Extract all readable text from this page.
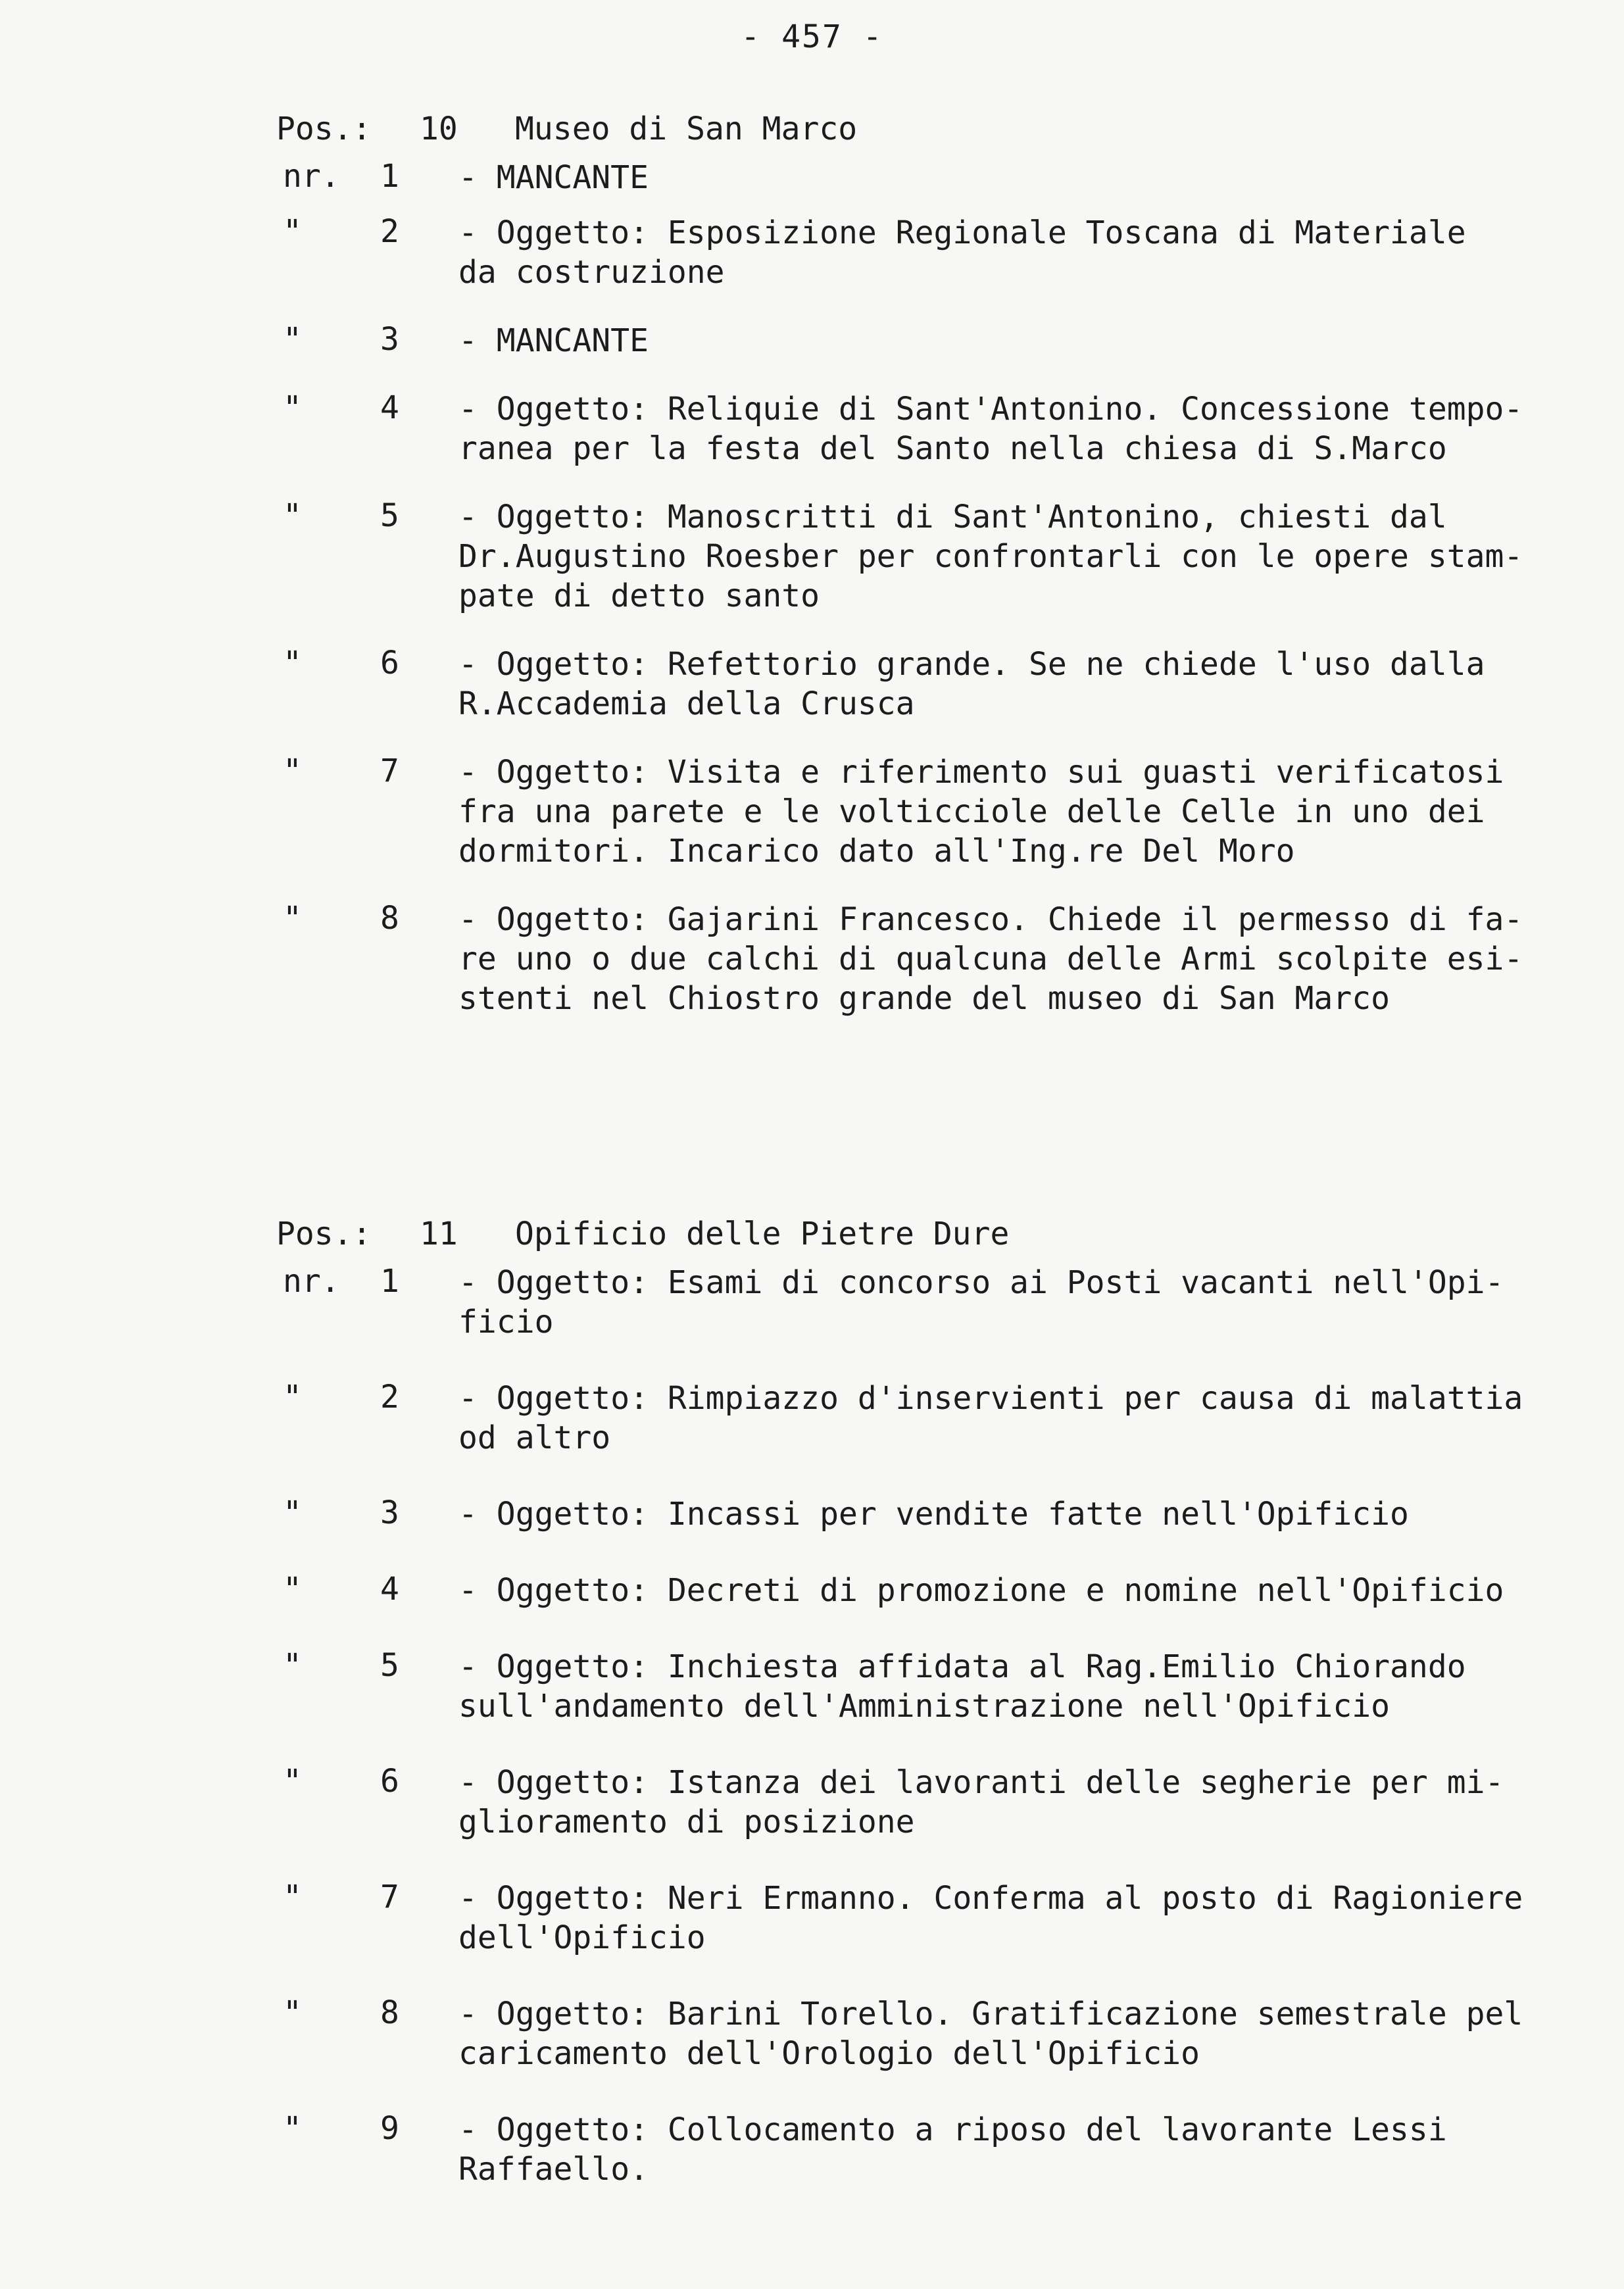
- 457 -
Pos.: 10 Museo di San Marco
nr.	1 - MANCANTE
"	2 - Oggetto: Esposizione Regionale Toscana di Materiale
da costruzione
"	3 - MANCANTE
"	4 - Oggetto: Reliquie di Sant'Antonino. Concessione tempo-
ranea per la festa del Santo nella chiesa di S.Marco
"	5 - Oggetto: Manoscritti di Sant'Antonino, chiesti dal
Dr.Augustino Roesber per confrontarli con le opere stam-
pate di detto santo
"	6 - Oggetto: Refettorio grande. Se ne chiede l'uso dalla
R.Accademia della Crusca
"	7 - Oggetto: Visita e riferimento sui guasti verificatosi
fra una parete e le volticciole delle Celle in uno dei
dormitori. Incarico dato all'Ing.re Del Moro
"	8 - Oggetto: Gajarini Francesco. Chiede il permesso di fa-
re uno o due calchi di qualcuna delle Armi scolpite esi-
stenti nel Chiostro grande del museo di San Marco
Pos.: 11 Opificio delle Pietre Dure
nr.	1 - Oggetto: Esami di concorso ai Posti vacanti nell'Opi-
ficio
"	2 - Oggetto: Rimpiazzo d'inservienti per causa di malattia
od altro
"	3 - Oggetto: Incassi per vendite fatte nell'Opificio
"	4 - Oggetto: Decreti di promozione e nomine nell'Opificio
"	5 - Oggetto: Inchiesta affidata al Rag.Emilio Chiorando
sull'andamento dell'Amministrazione nell'Opificio
"	6 - Oggetto: Istanza dei lavoranti delle segherie per mi-
glioramento di posizione
"	7 - Oggetto: Neri Ermanno. Conferma al posto di Ragioniere
dell'Opificio
"	8 - Oggetto: Barini Torello. Gratificazione semestrale pel
caricamento dell'Orologio dell'Opificio
"	9 - Oggetto: Collocamento a riposo del lavorante Lessi
Raffaello.
